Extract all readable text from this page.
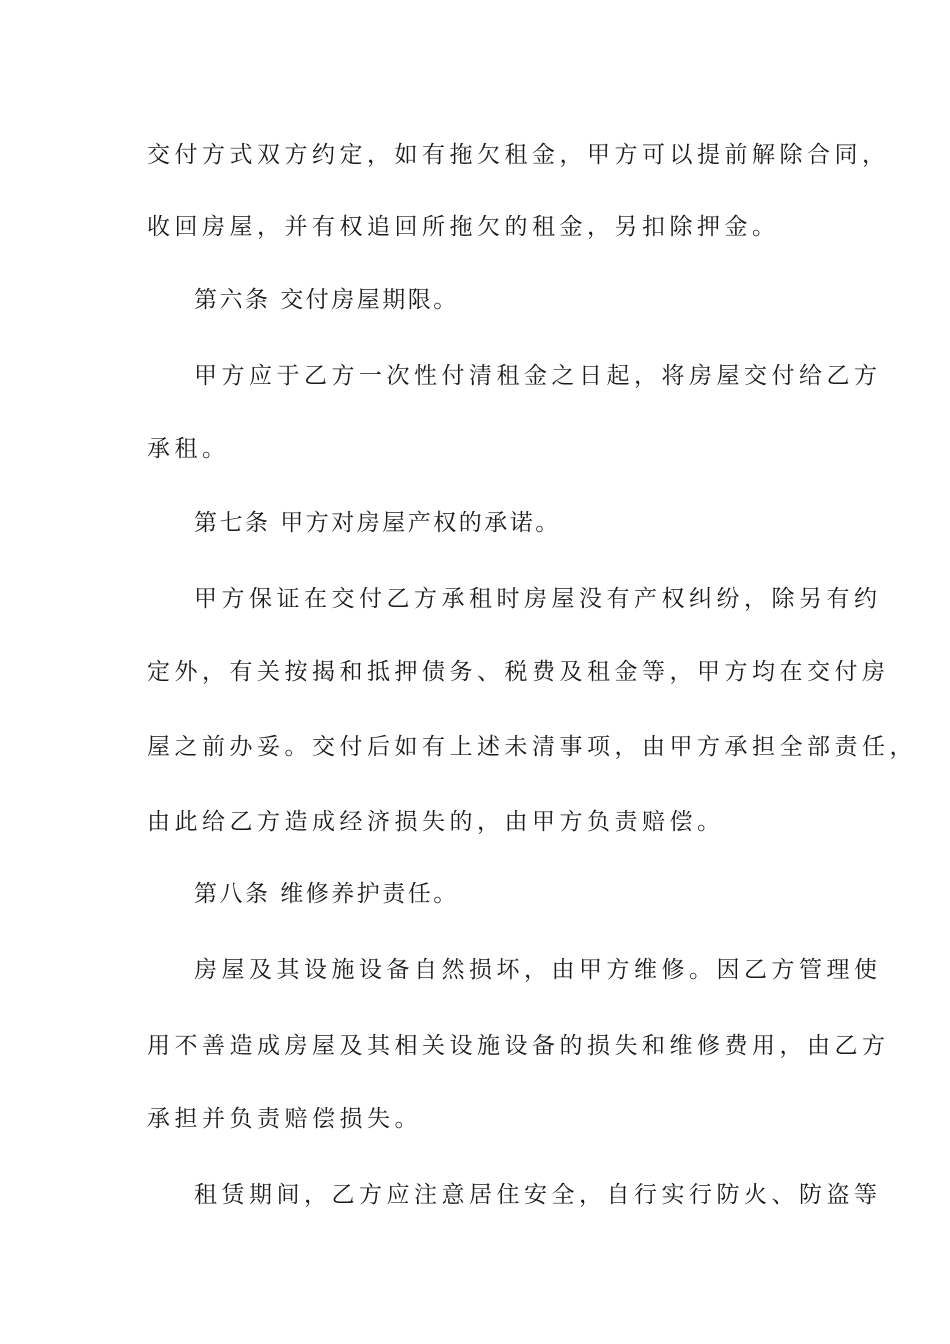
交付方式双方约定，如有拖欠租金，甲方可以提前解除合同，
收回房屋，并有权追回所拖欠的租金，另扣除押金。
第六条 交付房屋期限。
甲方应于乙方一次性付清租金之日起，将房屋交付给乙方
承租。
第七条 甲方对房屋产权的承诺。
甲方保证在交付乙方承租时房屋没有产权纠纷，除另有约
定外，有关按揭和抵押债务、税费及租金等，甲方均在交付房
屋之前办妥。交付后如有上述未清事项，由甲方承担全部责任，
由此给乙方造成经济损失的，由甲方负责赔偿。
第八条 维修养护责任。
房屋及其设施设备自然损坏，由甲方维修。因乙方管理使
用不善造成房屋及其相关设施设备的损失和维修费用，由乙方
承担并负责赔偿损失。
租赁期间，乙方应注意居住安全，自行实行防火、防盗等
